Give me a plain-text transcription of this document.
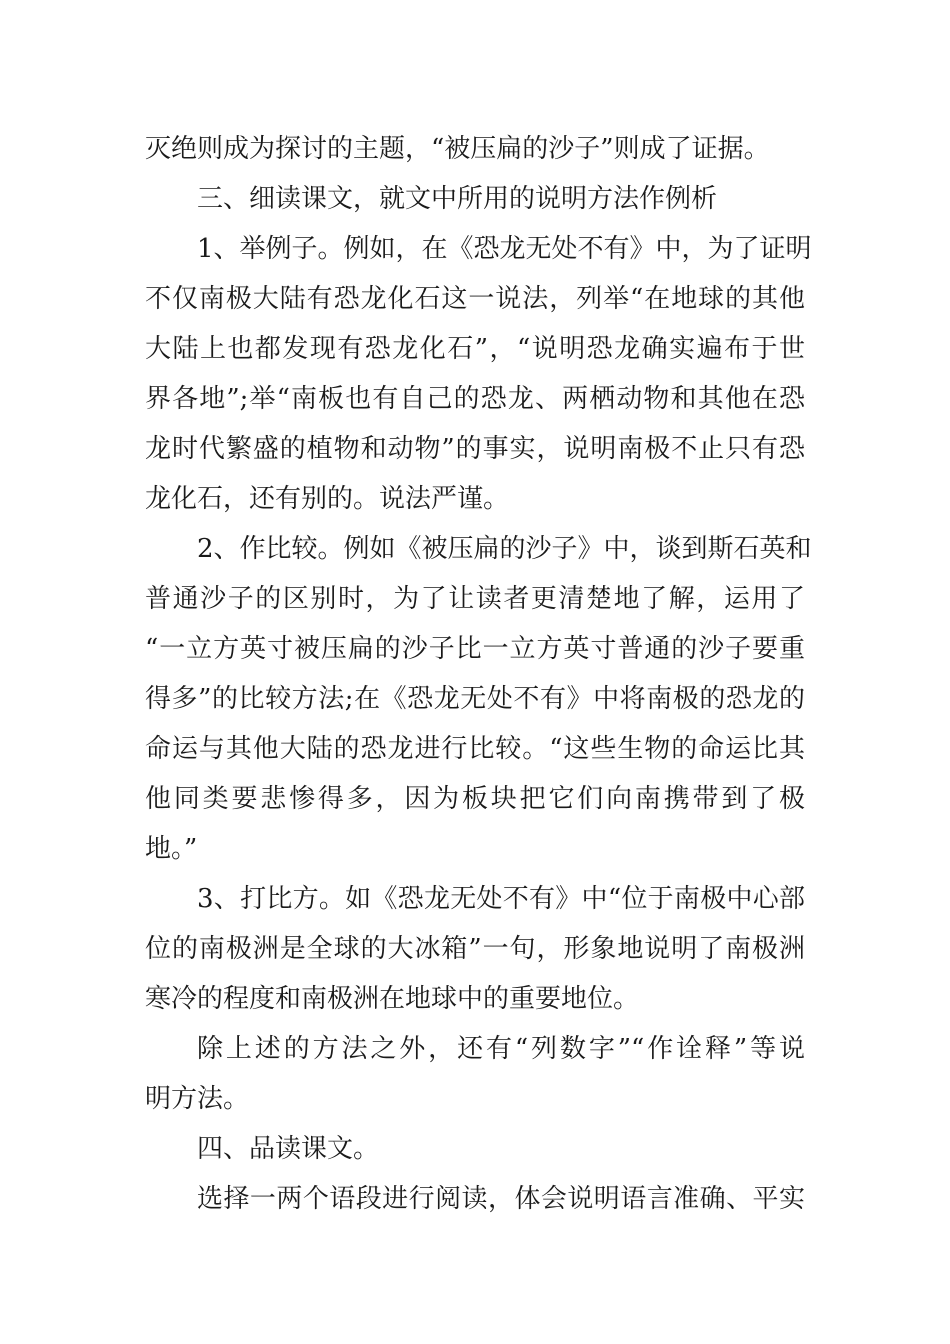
灭绝则成为探讨的主题，“被压扁的沙子”则成了证据。
三、细读课文，就文中所用的说明方法作例析
1、举例子。例如，在《恐龙无处不有》中，为了证明
不仅南极大陆有恐龙化石这一说法，列举“在地球的其他
大陆上也都发现有恐龙化石”，“说明恐龙确实遍布于世
界各地”;举“南板也有自己的恐龙、两栖动物和其他在恐
龙时代繁盛的植物和动物”的事实，说明南极不止只有恐
龙化石，还有别的。说法严谨。
2、作比较。例如《被压扁的沙子》中，谈到斯石英和
普通沙子的区别时，为了让读者更清楚地了解，运用了
“一立方英寸被压扁的沙子比一立方英寸普通的沙子要重
得多”的比较方法;在《恐龙无处不有》中将南极的恐龙的
命运与其他大陆的恐龙进行比较。“这些生物的命运比其
他同类要悲惨得多，因为板块把它们向南携带到了极
地。”
3、打比方。如《恐龙无处不有》中“位于南极中心部
位的南极洲是全球的大冰箱”一句，形象地说明了南极洲
寒冷的程度和南极洲在地球中的重要地位。
除上述的方法之外，还有“列数字”“作诠释”等说
明方法。
四、品读课文。
选择一两个语段进行阅读，体会说明语言准确、平实
